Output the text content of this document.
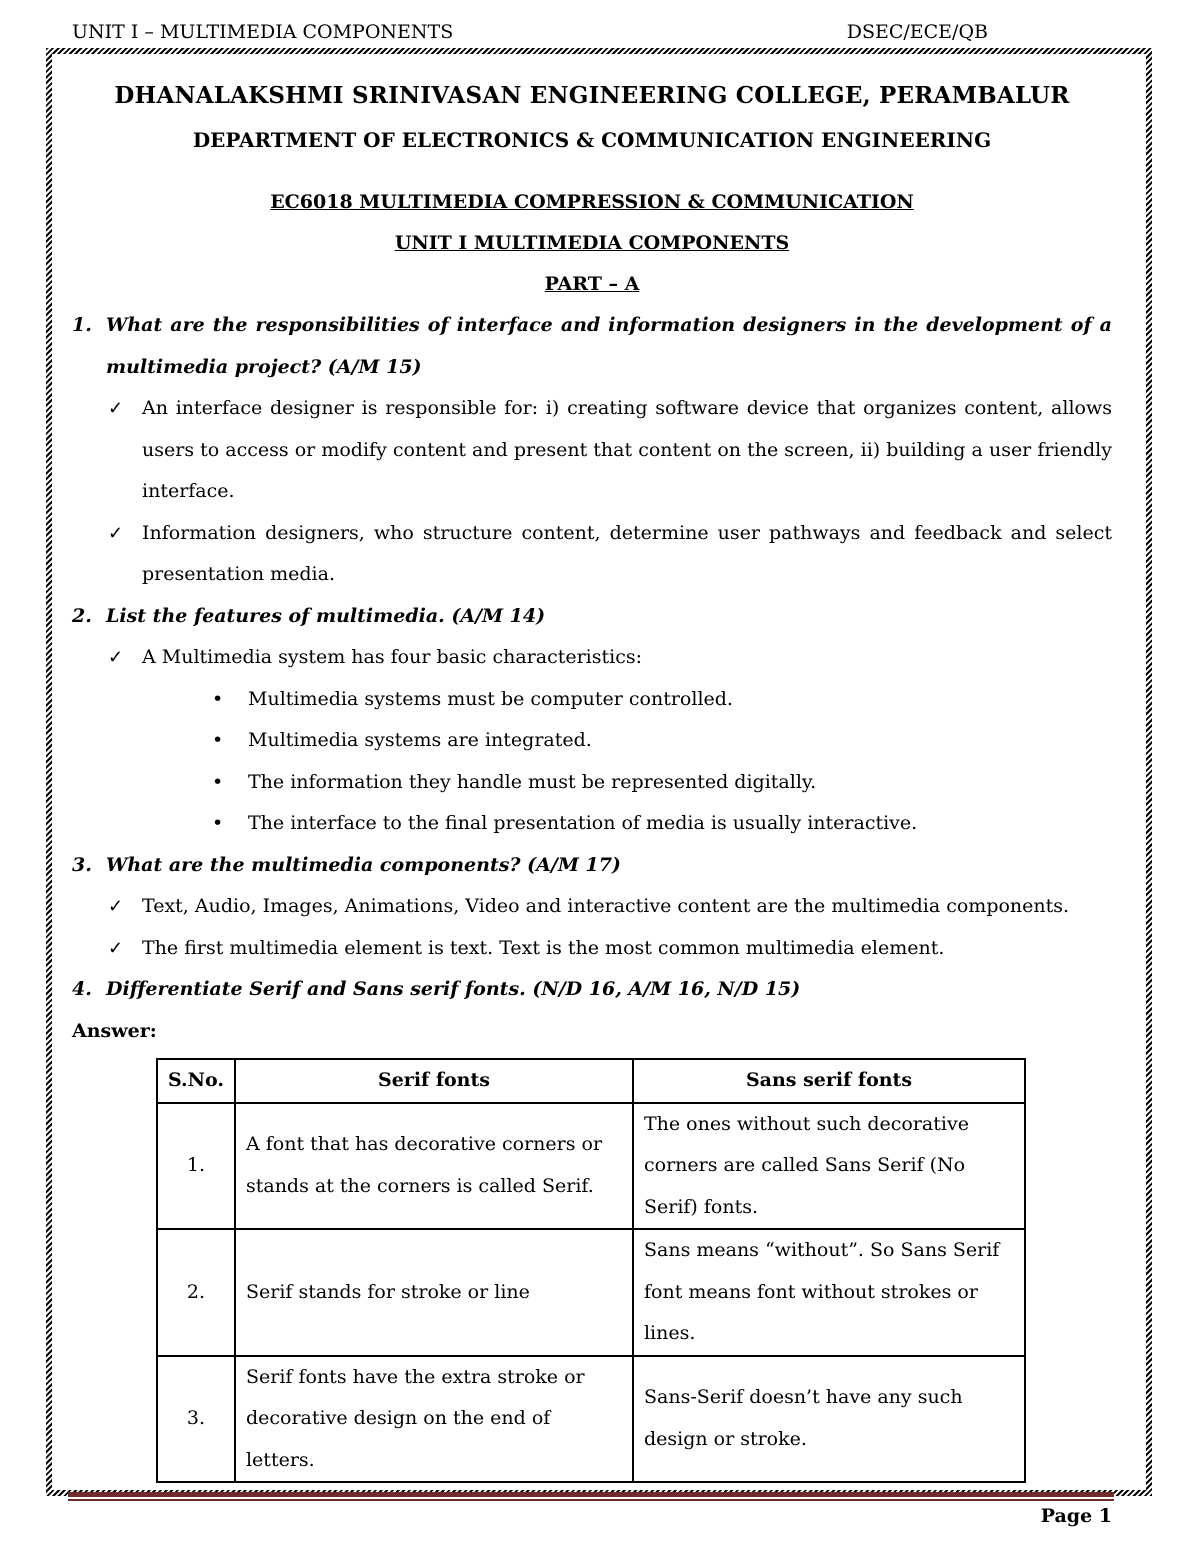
UNIT I – MULTIMEDIA COMPONENTS	DSEC/ECE/QB
DHANALAKSHMI SRINIVASAN ENGINEERING COLLEGE, PERAMBALUR
DEPARTMENT OF ELECTRONICS & COMMUNICATION ENGINEERING
EC6018 MULTIMEDIA COMPRESSION & COMMUNICATION
UNIT I MULTIMEDIA COMPONENTS
PART – A
1. What are the responsibilities of interface and information designers in the development of a multimedia project? (A/M 15)
✓ An interface designer is responsible for: i) creating software device that organizes content, allows users to access or modify content and present that content on the screen, ii) building a user friendly interface.
✓ Information designers, who structure content, determine user pathways and feedback and select presentation media.
2. List the features of multimedia. (A/M 14)
✓ A Multimedia system has four basic characteristics:
•	Multimedia systems must be computer controlled.
•	Multimedia systems are integrated.
•	The information they handle must be represented digitally.
•	The interface to the final presentation of media is usually interactive.
3. What are the multimedia components? (A/M 17)
✓ Text, Audio, Images, Animations, Video and interactive content are the multimedia components.
✓ The first multimedia element is text. Text is the most common multimedia element.
4. Differentiate Serif and Sans serif fonts. (N/D 16, A/M 16, N/D 15)
Answer:
S.No.	Serif fonts	Sans serif fonts
1.	A font that has decorative corners or stands at the corners is called Serif.	The ones without such decorative corners are called Sans Serif (No Serif) fonts.
2.	Serif stands for stroke or line	Sans means “without”. So Sans Serif font means font without strokes or lines.
3.	Serif fonts have the extra stroke or decorative design on the end of letters.	Sans-Serif doesn’t have any such design or stroke.
Page 1
